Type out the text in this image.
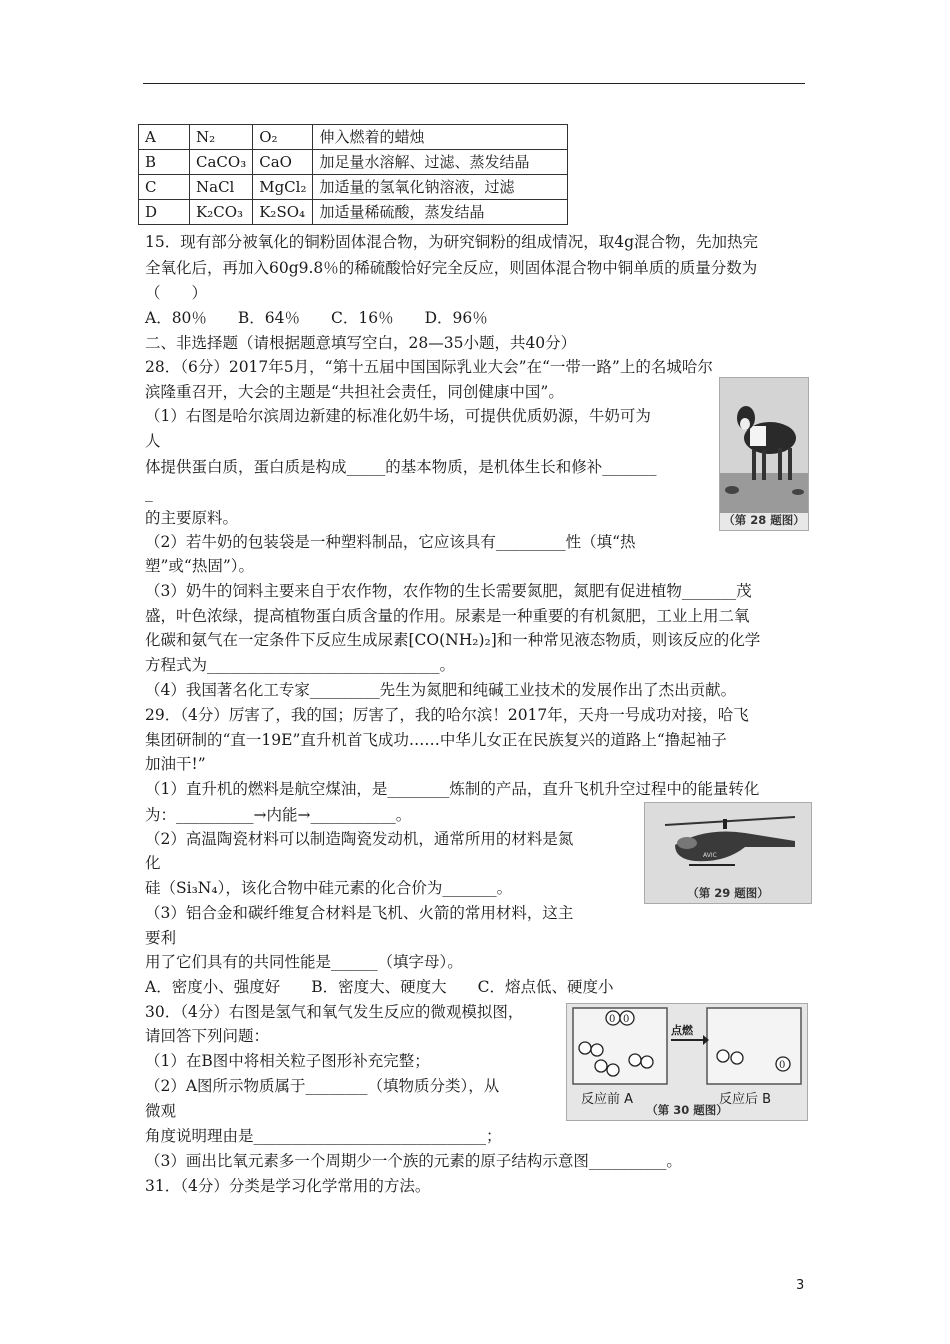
A	N₂	O₂	伸入燃着的蜡烛
B	CaCO₃	CaO	加足量水溶解、过滤、蒸发结晶
C	NaCl	MgCl₂	加适量的氢氧化钠溶液，过滤
D	K₂CO₃	K₂SO₄	加适量稀硫酸，蒸发结晶
15．现有部分被氧化的铜粉固体混合物，为研究铜粉的组成情况，取4g混合物，先加热完
全氧化后，再加入60g9.8％的稀硫酸恰好完全反应，则固体混合物中铜单质的质量分数为
（　　）
A．80％　　B．64％　　C．16％　　D．96％
二、非选择题（请根据题意填写空白，28—35小题，共40分）
28．（6分）2017年5月，“第十五届中国国际乳业大会”在“一带一路”上的名城哈尔
滨隆重召开，大会的主题是“共担社会责任，同创健康中国”。
（1）右图是哈尔滨周边新建的标准化奶牛场，可提供优质奶源，牛奶可为
人
体提供蛋白质，蛋白质是构成_____的基本物质，是机体生长和修补_______
_
的主要原料。
（2）若牛奶的包装袋是一种塑料制品，它应该具有_________性（填“热
塑”或“热固”）。
（3）奶牛的饲料主要来自于农作物，农作物的生长需要氮肥，氮肥有促进植物_______茂
盛，叶色浓绿，提高植物蛋白质含量的作用。尿素是一种重要的有机氮肥，工业上用二氧
化碳和氨气在一定条件下反应生成尿素[CO(NH₂)₂]和一种常见液态物质，则该反应的化学
方程式为______________________________。
（4）我国著名化工专家_________先生为氮肥和纯碱工业技术的发展作出了杰出贡献。
29．（4分）厉害了，我的国；厉害了，我的哈尔滨！2017年，天舟一号成功对接，哈飞
集团研制的“直一19E”直升机首飞成功……中华儿女正在民族复兴的道路上“撸起袖子
加油干!”
（1）直升机的燃料是航空煤油，是________炼制的产品，直升飞机升空过程中的能量转化
为：__________→内能→___________。
（2）高温陶瓷材料可以制造陶瓷发动机，通常所用的材料是氮
化
硅（Si₃N₄），该化合物中硅元素的化合价为_______。
（3）铝合金和碳纤维复合材料是飞机、火箭的常用材料，这主
要利
用了它们具有的共同性能是______（填字母）。
A．密度小、强度好　　B．密度大、硬度大　　C．熔点低、硬度小
30．（4分）右图是氢气和氧气发生反应的微观模拟图，
请回答下列问题：
（1）在B图中将相关粒子图形补充完整；
（2）A图所示物质属于________（填物质分类），从
微观
角度说明理由是______________________________；
（3）画出比氧元素多一个周期少一个族的元素的原子结构示意图__________。
31．（4分）分类是学习化学常用的方法。
（第 28 题图）
AVIC
（第 29 题图）
0 0
0
点燃
反应前 A	反应后 B
（第 30 题图）
3
